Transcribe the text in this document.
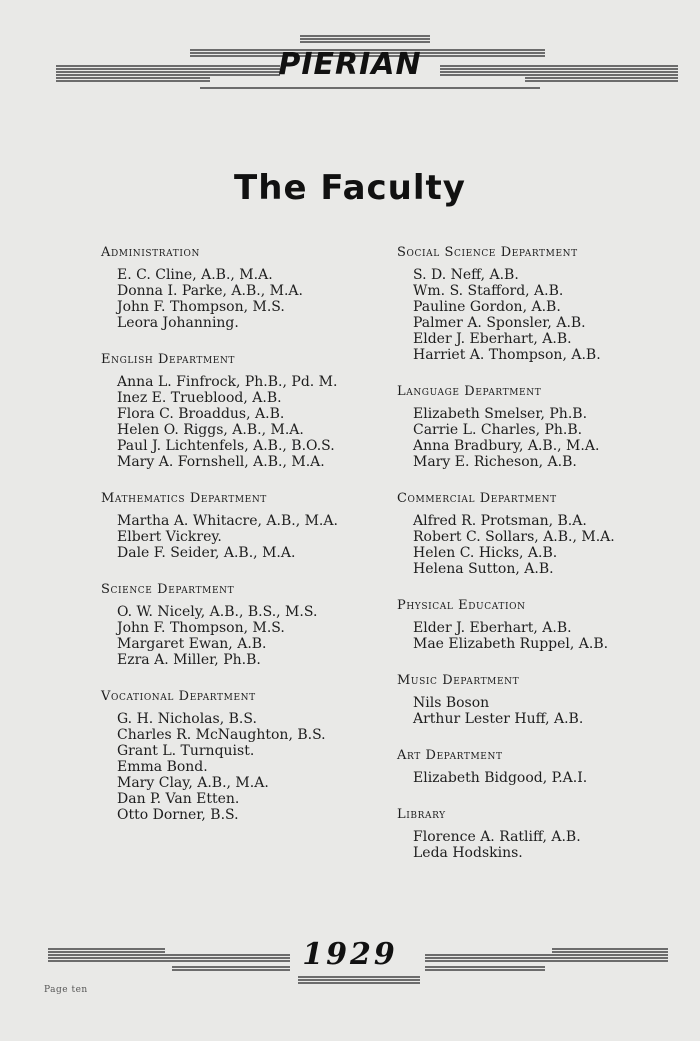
PIERIAN
The Faculty
Administration
E. C. Cline, A.B., M.A.
Donna I. Parke, A.B., M.A.
John F. Thompson, M.S.
Leora Johanning.
English Department
Anna L. Finfrock, Ph.B., Pd. M.
Inez E. Trueblood, A.B.
Flora C. Broaddus, A.B.
Helen O. Riggs, A.B., M.A.
Paul J. Lichtenfels, A.B., B.O.S.
Mary A. Fornshell, A.B., M.A.
Mathematics Department
Martha A. Whitacre, A.B., M.A.
Elbert Vickrey.
Dale F. Seider, A.B., M.A.
Science Department
O. W. Nicely, A.B., B.S., M.S.
John F. Thompson, M.S.
Margaret Ewan, A.B.
Ezra A. Miller, Ph.B.
Vocational Department
G. H. Nicholas, B.S.
Charles R. McNaughton, B.S.
Grant L. Turnquist.
Emma Bond.
Mary Clay, A.B., M.A.
Dan P. Van Etten.
Otto Dorner, B.S.
Social Science Department
S. D. Neff, A.B.
Wm. S. Stafford, A.B.
Pauline Gordon, A.B.
Palmer A. Sponsler, A.B.
Elder J. Eberhart, A.B.
Harriet A. Thompson, A.B.
Language Department
Elizabeth Smelser, Ph.B.
Carrie L. Charles, Ph.B.
Anna Bradbury, A.B., M.A.
Mary E. Richeson, A.B.
Commercial Department
Alfred R. Protsman, B.A.
Robert C. Sollars, A.B., M.A.
Helen C. Hicks, A.B.
Helena Sutton, A.B.
Physical Education
Elder J. Eberhart, A.B.
Mae Elizabeth Ruppel, A.B.
Music Department
Nils Boson
Arthur Lester Huff, A.B.
Art Department
Elizabeth Bidgood, P.A.I.
Library
Florence A. Ratliff, A.B.
Leda Hodskins.
1929
Page ten
